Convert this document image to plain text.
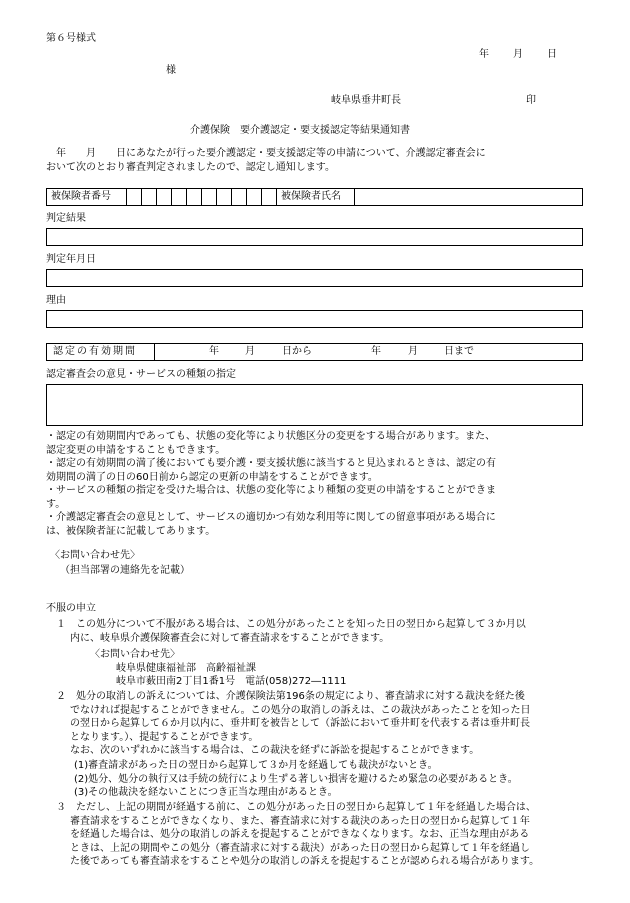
第６号様式
年 月 日
様
岐阜県垂井町長	印
介護保険　要介護認定・要支援認定等結果通知書

　年　　月　　日にあなたが行った要介護認定・要支援認定等の申請について、介護認定審査会に

おいて次のとおり審査判定されましたので、認定し通知します。

被保険者番号	被保険者氏名
判定結果
判定年月日
理由
認定の有効期間	年	月	日から	年	月	日まで
認定審査会の意見・サービスの種類の指定

・認定の有効期間内であっても、状態の変化等により状態区分の変更をする場合があります。また、

認定変更の申請をすることもできます。

・認定の有効期間の満了後においても要介護・要支援状態に該当すると見込まれるときは、認定の有

効期間の満了の日の60日前から認定の更新の申請をすることができます。

・サービスの種類の指定を受けた場合は、状態の変化等により種類の変更の申請をすることができま

す。

・介護認定審査会の意見として、サービスの適切かつ有効な利用等に関しての留意事項がある場合に

は、被保険者証に記載してあります。

〈お問い合わせ先〉
（担当部署の連絡先を記載）
不服の申立

１　この処分について不服がある場合は、この処分があったことを知った日の翌日から起算して３か月以

内に、岐阜県介護保険審査会に対して審査請求をすることができます。

〈お問い合わせ先〉

岐阜県健康福祉部　高齢福祉課

岐阜市薮田南2丁目1番1号　電話(058)272―1111

２　処分の取消しの訴えについては、介護保険法第196条の規定により、審査請求に対する裁決を経た後

でなければ提起することができません。この処分の取消しの訴えは、この裁決があったことを知った日

の翌日から起算して６か月以内に、垂井町を被告として（訴訟において垂井町を代表する者は垂井町長

となります。）、提起することができます。

なお、次のいずれかに該当する場合は、この裁決を経ずに訴訟を提起することができます。

(1)審査請求があった日の翌日から起算して３か月を経過しても裁決がないとき。

(2)処分、処分の執行又は手続の続行により生ずる著しい損害を避けるため緊急の必要があるとき。

(3)その他裁決を経ないことにつき正当な理由があるとき。

３　ただし、上記の期間が経過する前に、この処分があった日の翌日から起算して１年を経過した場合は、

審査請求をすることができなくなり、また、審査請求に対する裁決のあった日の翌日から起算して１年

を経過した場合は、処分の取消しの訴えを提起することができなくなります。なお、正当な理由がある

ときは、上記の期間やこの処分（審査請求に対する裁決）があった日の翌日から起算して１年を経過し

た後であっても審査請求をすることや処分の取消しの訴えを提起することが認められる場合があります。
